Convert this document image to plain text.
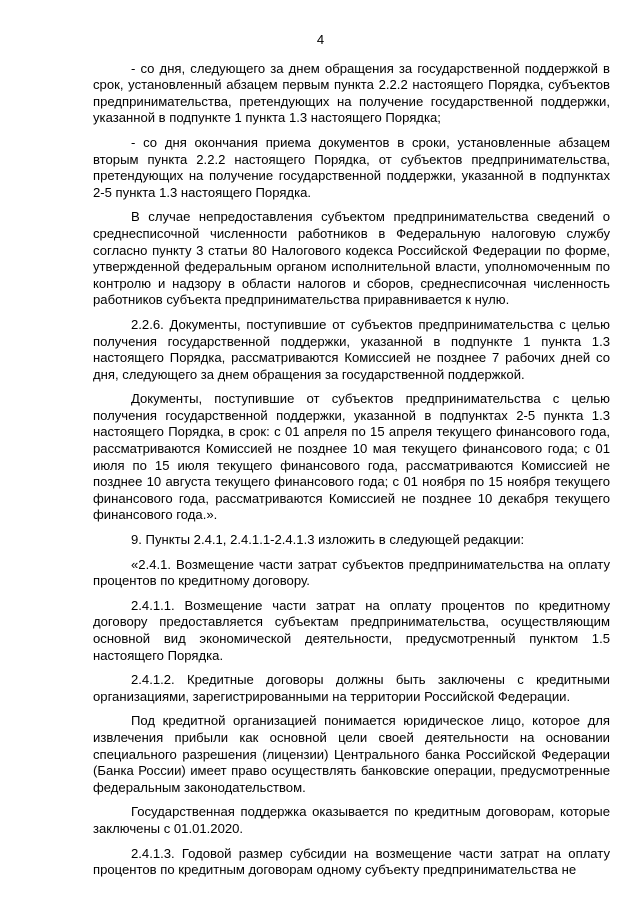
4

- со дня, следующего за днем обращения за государственной поддержкой в срок, установленный абзацем первым пункта 2.2.2 настоящего Порядка, субъектов предпринимательства, претендующих на получение государственной поддержки, указанной в подпункте 1 пункта 1.3 настоящего Порядка;

- со дня окончания приема документов в сроки, установленные абзацем вторым пункта 2.2.2 настоящего Порядка, от субъектов предпринимательства, претендующих на получение государственной поддержки, указанной в подпунктах 2-5 пункта 1.3 настоящего Порядка.

В случае непредоставления субъектом предпринимательства сведений о среднесписочной численности работников в Федеральную налоговую службу согласно пункту 3 статьи 80 Налогового кодекса Российской Федерации по форме, утвержденной федеральным органом исполнительной власти, уполномоченным по контролю и надзору в области налогов и сборов, среднесписочная численность работников субъекта предпринимательства приравнивается к нулю.

2.2.6. Документы, поступившие от субъектов предпринимательства с целью получения государственной поддержки, указанной в подпункте 1 пункта 1.3 настоящего Порядка, рассматриваются Комиссией не позднее 7 рабочих дней со дня, следующего за днем обращения за государственной поддержкой.

Документы, поступившие от субъектов предпринимательства с целью получения государственной поддержки, указанной в подпунктах 2-5 пункта 1.3 настоящего Порядка, в срок: с 01 апреля по 15 апреля текущего финансового года, рассматриваются Комиссией не позднее 10 мая текущего финансового года; с 01 июля по 15 июля текущего финансового года, рассматриваются Комиссией не позднее 10 августа текущего финансового года; с 01 ноября по 15 ноября текущего финансового года, рассматриваются Комиссией не позднее 10 декабря текущего финансового года.».

9. Пункты 2.4.1, 2.4.1.1-2.4.1.3 изложить в следующей редакции:

«2.4.1. Возмещение части затрат субъектов предпринимательства на оплату процентов по кредитному договору.

2.4.1.1. Возмещение части затрат на оплату процентов по кредитному договору предоставляется субъектам предпринимательства, осуществляющим основной вид экономической деятельности, предусмотренный пунктом 1.5 настоящего Порядка.

2.4.1.2. Кредитные договоры должны быть заключены с кредитными организациями, зарегистрированными на территории Российской Федерации.

Под кредитной организацией понимается юридическое лицо, которое для извлечения прибыли как основной цели своей деятельности на основании специального разрешения (лицензии) Центрального банка Российской Федерации (Банка России) имеет право осуществлять банковские операции, предусмотренные федеральным законодательством.

Государственная поддержка оказывается по кредитным договорам, которые заключены с 01.01.2020.

2.4.1.3. Годовой размер субсидии на возмещение части затрат на оплату процентов по кредитным договорам одному субъекту предпринимательства не
